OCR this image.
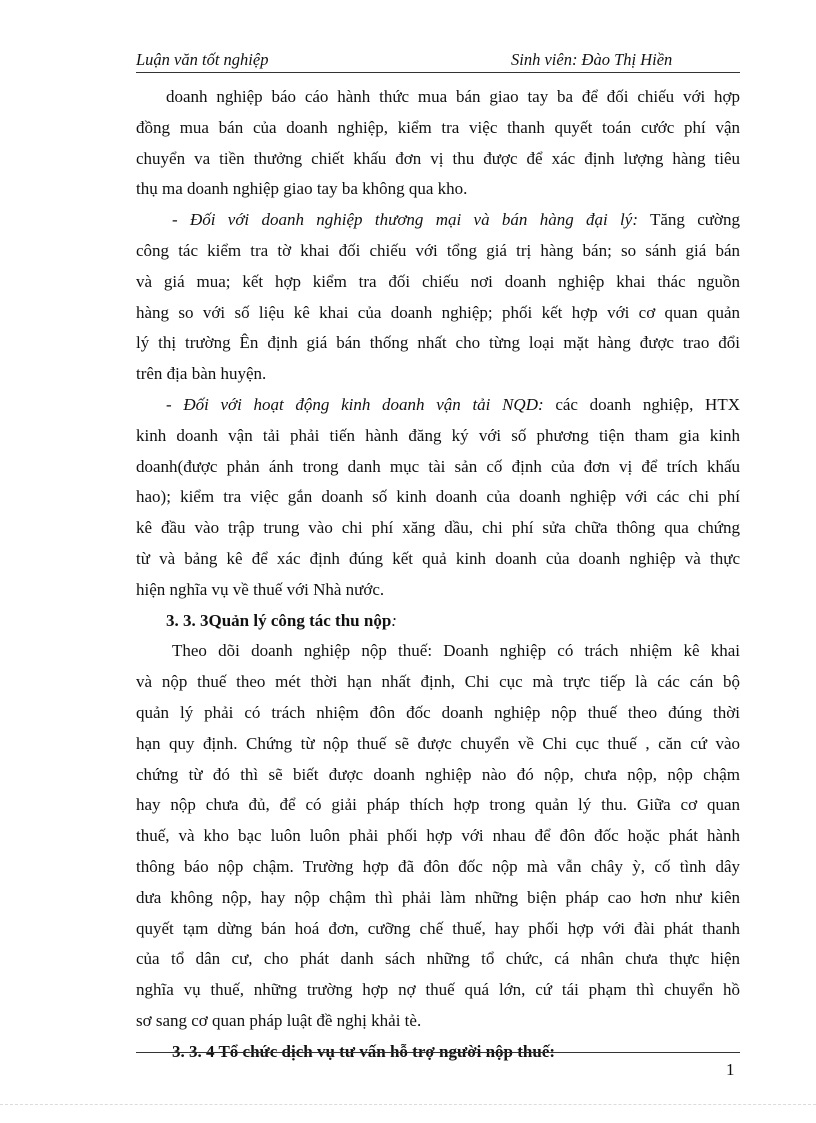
Luận văn tốt nghiệp	Sinh viên: Đào Thị Hiền
doanh nghiệp báo cáo hành thức mua bán giao tay ba để đối chiếu với hợp
đồng mua bán của doanh nghiệp, kiểm tra việc thanh quyết toán cước phí vận
chuyển va tiền thưởng chiết khấu đơn vị thu được để xác định lượng hàng tiêu
thụ ma doanh nghiệp giao tay ba không qua kho.
- Đối với doanh nghiệp thương mại và bán hàng đại lý: Tăng cường
công tác kiểm tra tờ khai đối chiếu với tổng giá trị hàng bán; so sánh giá bán
và giá mua; kết hợp kiểm tra đối chiếu nơi doanh nghiệp khai thác nguồn
hàng so với số liệu kê khai của doanh nghiệp; phối kết hợp với cơ quan quản
lý thị trường Ên định giá bán thống nhất cho từng loại mặt hàng được trao đổi
trên địa bàn huyện.
- Đối với hoạt động kinh doanh vận tải NQD: các doanh nghiệp, HTX
kinh doanh vận tải phải tiến hành đăng ký với số phương tiện tham gia kinh
doanh(được phản ánh trong danh mục tài sản cố định của đơn vị để trích khấu
hao); kiểm tra việc gắn doanh số kinh doanh của doanh nghiệp với các chi phí
kê đầu vào trập trung vào chi phí xăng dầu, chi phí sửa chữa thông qua chứng
từ và bảng kê để xác định đúng kết quả kinh doanh của doanh nghiệp và thực
hiện nghĩa vụ về thuế với Nhà nước.
3. 3. 3Quản lý công tác thu nộp:
Theo dõi doanh nghiệp nộp thuế: Doanh nghiệp có trách nhiệm kê khai
và nộp thuế theo mét thời hạn nhất định, Chi cục mà trực tiếp là các cán bộ
quản lý phải có trách nhiệm đôn đốc doanh nghiệp nộp thuế theo đúng thời
hạn quy định. Chứng từ nộp thuế sẽ được chuyển về Chi cục thuế , căn cứ vào
chứng từ đó thì sẽ biết được doanh nghiệp nào đó nộp, chưa nộp, nộp chậm
hay nộp chưa đủ, để có giải pháp thích hợp trong quản lý thu. Giữa cơ quan
thuế, và kho bạc luôn luôn phải phối hợp với nhau để đôn đốc hoặc phát hành
thông báo nộp chậm. Trường hợp đã đôn đốc nộp mà vẫn chây ỳ, cố tình dây
dưa không nộp, hay nộp chậm thì phải làm những biện pháp cao hơn như kiên
quyết tạm dừng bán hoá đơn, cưỡng chế thuế, hay phối hợp với đài phát thanh
của tổ dân cư, cho phát danh sách những tổ chức, cá nhân chưa thực hiện
nghĩa vụ thuế, những trường hợp nợ thuế quá lớn, cứ tái phạm thì chuyển hồ
sơ sang cơ quan pháp luật đề nghị khải tè.
3. 3. 4 Tổ chức dịch vụ tư vấn hỗ trợ người nộp thuế:
1
